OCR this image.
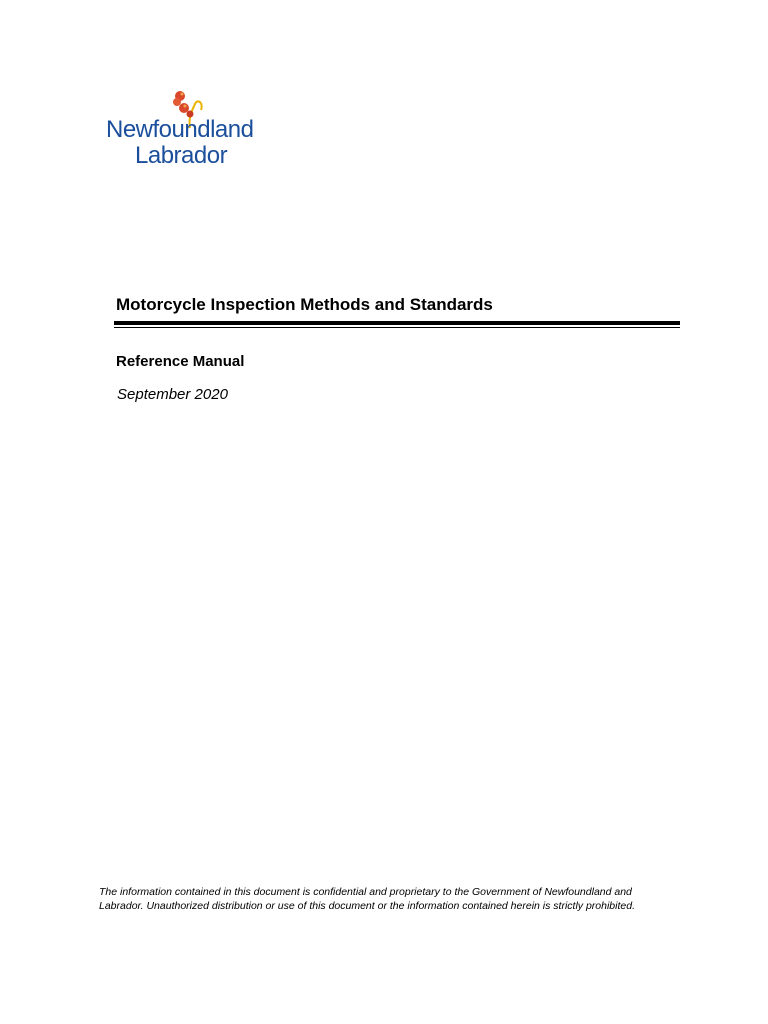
Newfoundland
Labrador
Motorcycle Inspection Methods and Standards
Reference Manual
September 2020
The information contained in this document is confidential and proprietary to the Government of Newfoundland and Labrador. Unauthorized distribution or use of this document or the information contained herein is strictly prohibited.
